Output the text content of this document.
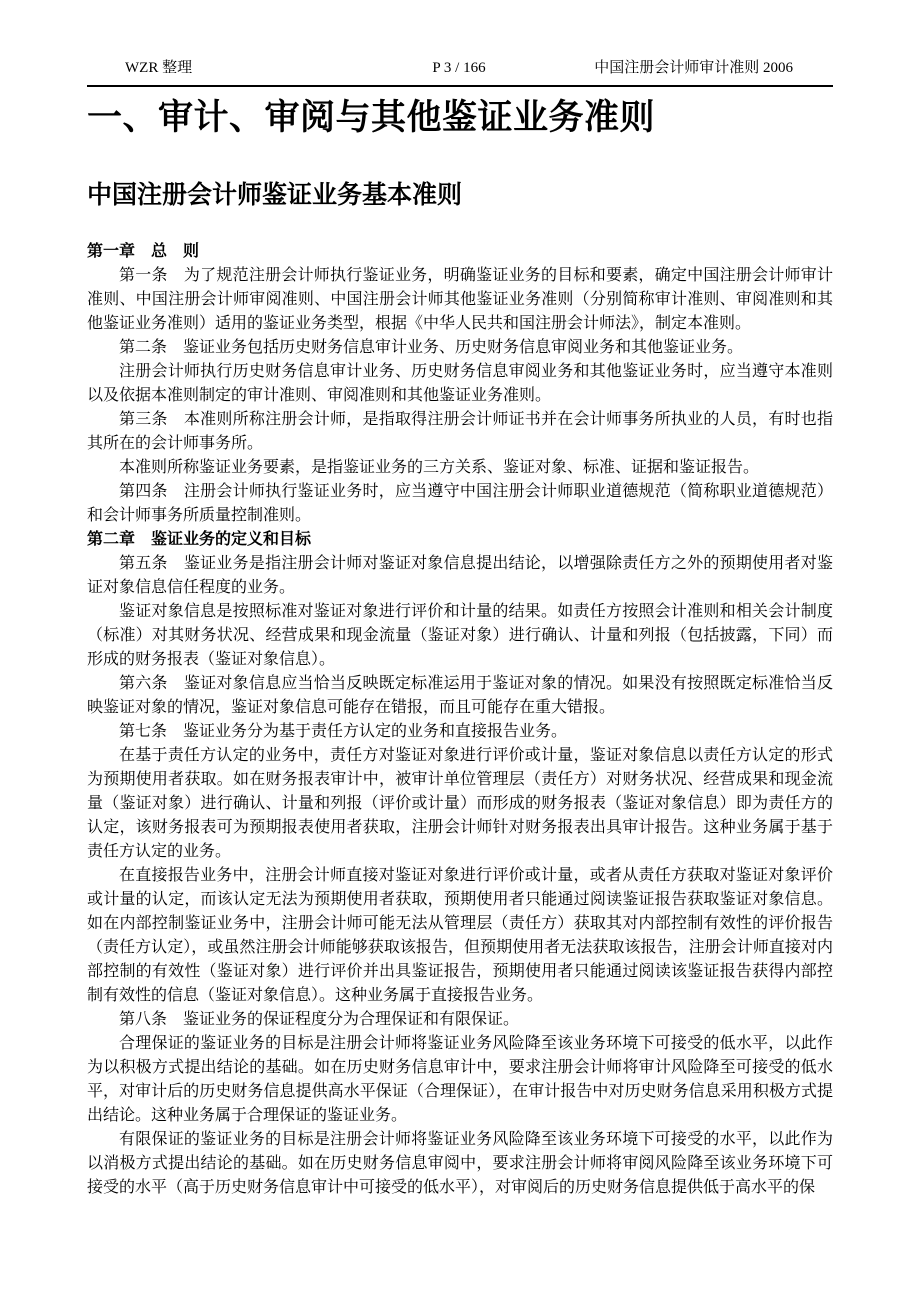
WZR 整理	P 3 / 166	中国注册会计师审计准则 2006
一、审计、审阅与其他鉴证业务准则
中国注册会计师鉴证业务基本准则

第一章　总　则

第一条　为了规范注册会计师执行鉴证业务，明确鉴证业务的目标和要素，确定中国注册会计师审计准则、中国注册会计师审阅准则、中国注册会计师其他鉴证业务准则（分别简称审计准则、审阅准则和其他鉴证业务准则）适用的鉴证业务类型，根据《中华人民共和国注册会计师法》，制定本准则。

第二条　鉴证业务包括历史财务信息审计业务、历史财务信息审阅业务和其他鉴证业务。

注册会计师执行历史财务信息审计业务、历史财务信息审阅业务和其他鉴证业务时，应当遵守本准则以及依据本准则制定的审计准则、审阅准则和其他鉴证业务准则。

第三条　本准则所称注册会计师，是指取得注册会计师证书并在会计师事务所执业的人员，有时也指其所在的会计师事务所。

本准则所称鉴证业务要素，是指鉴证业务的三方关系、鉴证对象、标准、证据和鉴证报告。

第四条　注册会计师执行鉴证业务时，应当遵守中国注册会计师职业道德规范（简称职业道德规范）和会计师事务所质量控制准则。

第二章　鉴证业务的定义和目标

第五条　鉴证业务是指注册会计师对鉴证对象信息提出结论，以增强除责任方之外的预期使用者对鉴证对象信息信任程度的业务。

鉴证对象信息是按照标准对鉴证对象进行评价和计量的结果。如责任方按照会计准则和相关会计制度（标准）对其财务状况、经营成果和现金流量（鉴证对象）进行确认、计量和列报（包括披露，下同）而形成的财务报表（鉴证对象信息）。

第六条　鉴证对象信息应当恰当反映既定标准运用于鉴证对象的情况。如果没有按照既定标准恰当反映鉴证对象的情况，鉴证对象信息可能存在错报，而且可能存在重大错报。

第七条　鉴证业务分为基于责任方认定的业务和直接报告业务。

在基于责任方认定的业务中，责任方对鉴证对象进行评价或计量，鉴证对象信息以责任方认定的形式为预期使用者获取。如在财务报表审计中，被审计单位管理层（责任方）对财务状况、经营成果和现金流量（鉴证对象）进行确认、计量和列报（评价或计量）而形成的财务报表（鉴证对象信息）即为责任方的认定，该财务报表可为预期报表使用者获取，注册会计师针对财务报表出具审计报告。这种业务属于基于责任方认定的业务。

在直接报告业务中，注册会计师直接对鉴证对象进行评价或计量，或者从责任方获取对鉴证对象评价或计量的认定，而该认定无法为预期使用者获取，预期使用者只能通过阅读鉴证报告获取鉴证对象信息。如在内部控制鉴证业务中，注册会计师可能无法从管理层（责任方）获取其对内部控制有效性的评价报告（责任方认定），或虽然注册会计师能够获取该报告，但预期使用者无法获取该报告，注册会计师直接对内部控制的有效性（鉴证对象）进行评价并出具鉴证报告，预期使用者只能通过阅读该鉴证报告获得内部控制有效性的信息（鉴证对象信息）。这种业务属于直接报告业务。

第八条　鉴证业务的保证程度分为合理保证和有限保证。

合理保证的鉴证业务的目标是注册会计师将鉴证业务风险降至该业务环境下可接受的低水平，以此作为以积极方式提出结论的基础。如在历史财务信息审计中，要求注册会计师将审计风险降至可接受的低水平，对审计后的历史财务信息提供高水平保证（合理保证），在审计报告中对历史财务信息采用积极方式提出结论。这种业务属于合理保证的鉴证业务。

有限保证的鉴证业务的目标是注册会计师将鉴证业务风险降至该业务环境下可接受的水平，以此作为以消极方式提出结论的基础。如在历史财务信息审阅中，要求注册会计师将审阅风险降至该业务环境下可接受的水平（高于历史财务信息审计中可接受的低水平），对审阅后的历史财务信息提供低于高水平的保
